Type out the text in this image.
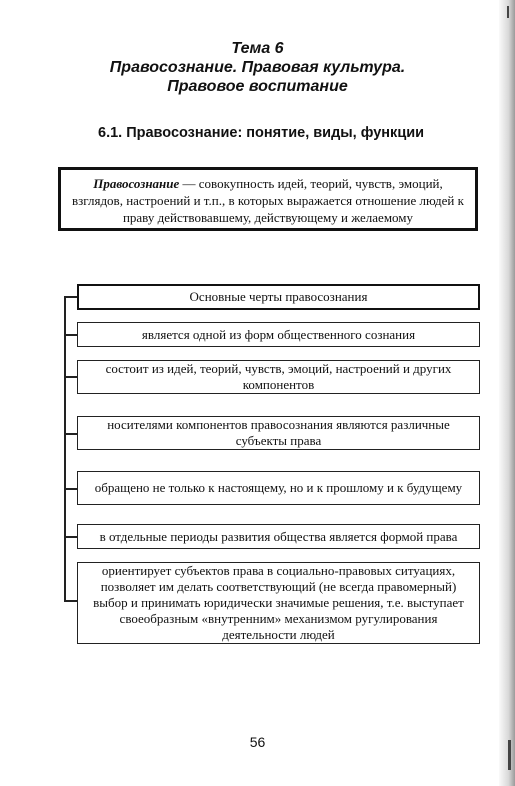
Тема 6
Правосознание. Правовая культура.
Правовое воспитание
6.1. Правосознание: понятие, виды, функции
Правосознание — совокупность идей, теорий, чувств, эмоций, взглядов, настроений и т.п., в которых выражается отношение людей к праву действовавшему, действующему и желаемому
Основные черты правосознания
является одной из форм общественного сознания
состоит из идей, теорий, чувств, эмоций, настроений и других компонентов
носителями компонентов правосознания являются различные субъекты права
обращено не только к настоящему, но и к прошлому и к будущему
в отдельные периоды развития общества является формой права
ориентирует субъектов права в социально-правовых ситуациях, позволяет им делать соответствующий (не всегда правомерный) выбор и принимать юридически значимые решения, т.е. выступает своеобразным «внутренним» механизмом ругулирования деятельности людей
56
